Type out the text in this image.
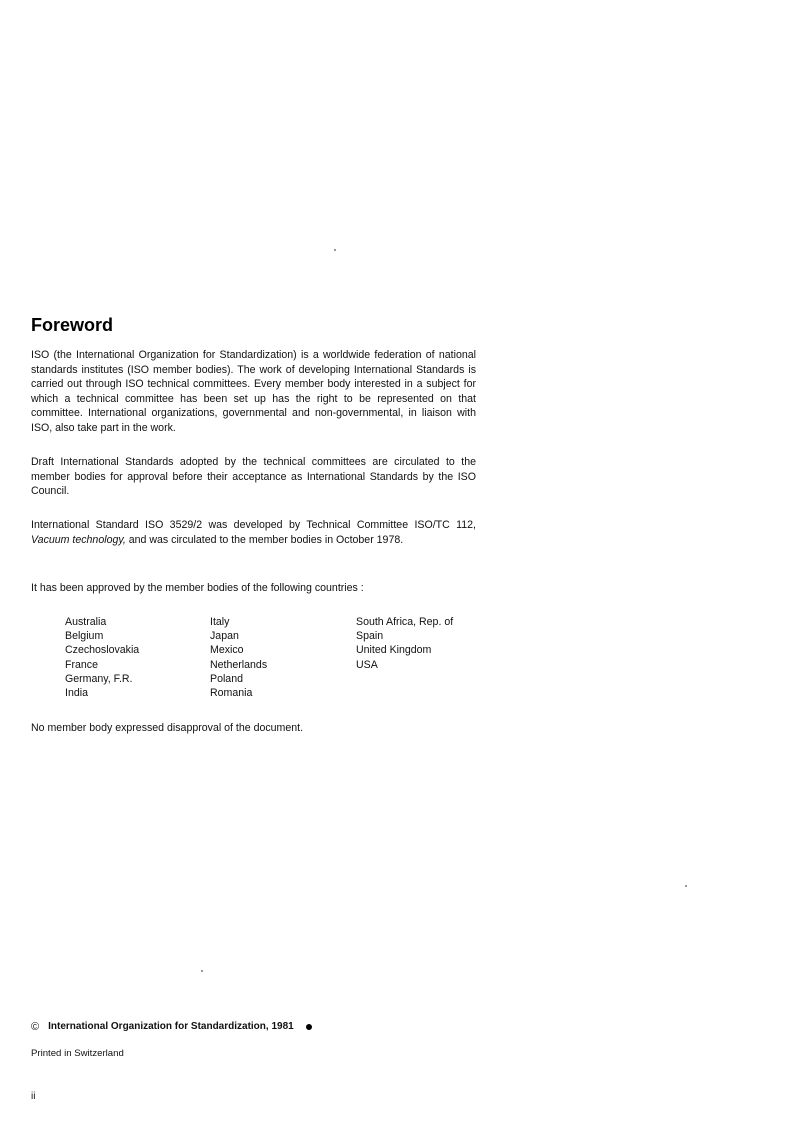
Foreword

ISO (the International Organization for Standardization) is a worldwide federation of national standards institutes (ISO member bodies). The work of developing International Standards is carried out through ISO technical committees. Every member body interested in a subject for which a technical committee has been set up has the right to be represented on that committee. International organizations, governmental and non-governmental, in liaison with ISO, also take part in the work.

Draft International Standards adopted by the technical committees are circulated to the member bodies for approval before their acceptance as International Standards by the ISO Council.

International Standard ISO 3529/2 was developed by Technical Committee ISO/TC 112, Vacuum technology, and was circulated to the member bodies in October 1978.

It has been approved by the member bodies of the following countries :

Australia
Belgium
Czechoslovakia
France
Germany, F.R.
India
Italy
Japan
Mexico
Netherlands
Poland
Romania
South Africa, Rep. of
Spain
United Kingdom
USA

No member body expressed disapproval of the document.

© International Organization for Standardization, 1981
Printed in Switzerland
ii
